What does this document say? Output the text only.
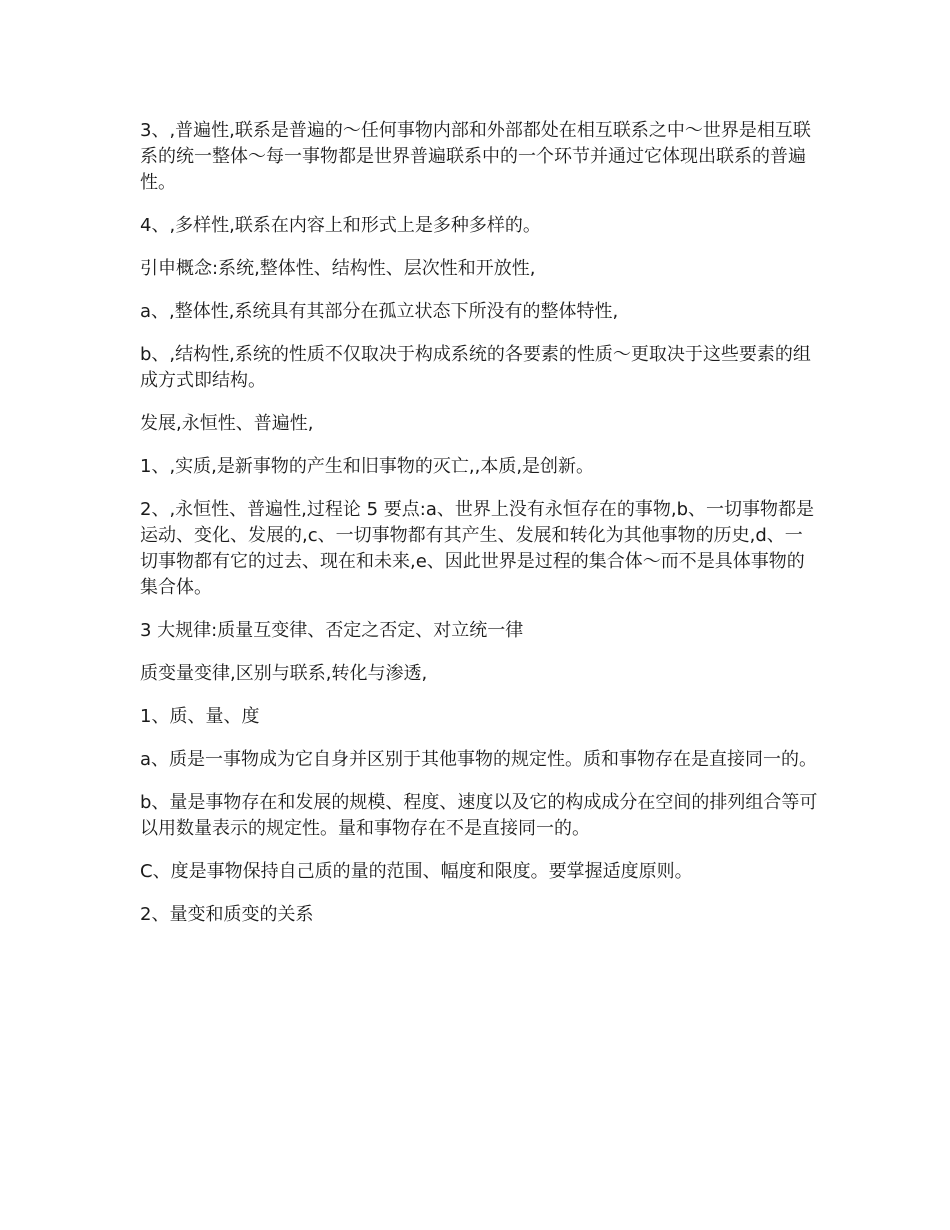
3、,普遍性,联系是普遍的～任何事物内部和外部都处在相互联系之中～世界是相互联系的统一整体～每一事物都是世界普遍联系中的一个环节并通过它体现出联系的普遍性。

4、,多样性,联系在内容上和形式上是多种多样的。

引申概念:系统,整体性、结构性、层次性和开放性,

a、,整体性,系统具有其部分在孤立状态下所没有的整体特性,

b、,结构性,系统的性质不仅取决于构成系统的各要素的性质～更取决于这些要素的组成方式即结构。

发展,永恒性、普遍性,

1、,实质,是新事物的产生和旧事物的灭亡,,本质,是创新。

2、,永恒性、普遍性,过程论 5 要点:a、世界上没有永恒存在的事物,b、一切事物都是运动、变化、发展的,c、一切事物都有其产生、发展和转化为其他事物的历史,d、一切事物都有它的过去、现在和未来,e、因此世界是过程的集合体～而不是具体事物的集合体。

3 大规律:质量互变律、否定之否定、对立统一律

质变量变律,区别与联系,转化与渗透,

1、质、量、度

a、质是一事物成为它自身并区别于其他事物的规定性。质和事物存在是直接同一的。

b、量是事物存在和发展的规模、程度、速度以及它的构成成分在空间的排列组合等可以用数量表示的规定性。量和事物存在不是直接同一的。

C、度是事物保持自己质的量的范围、幅度和限度。要掌握适度原则。

2、量变和质变的关系
